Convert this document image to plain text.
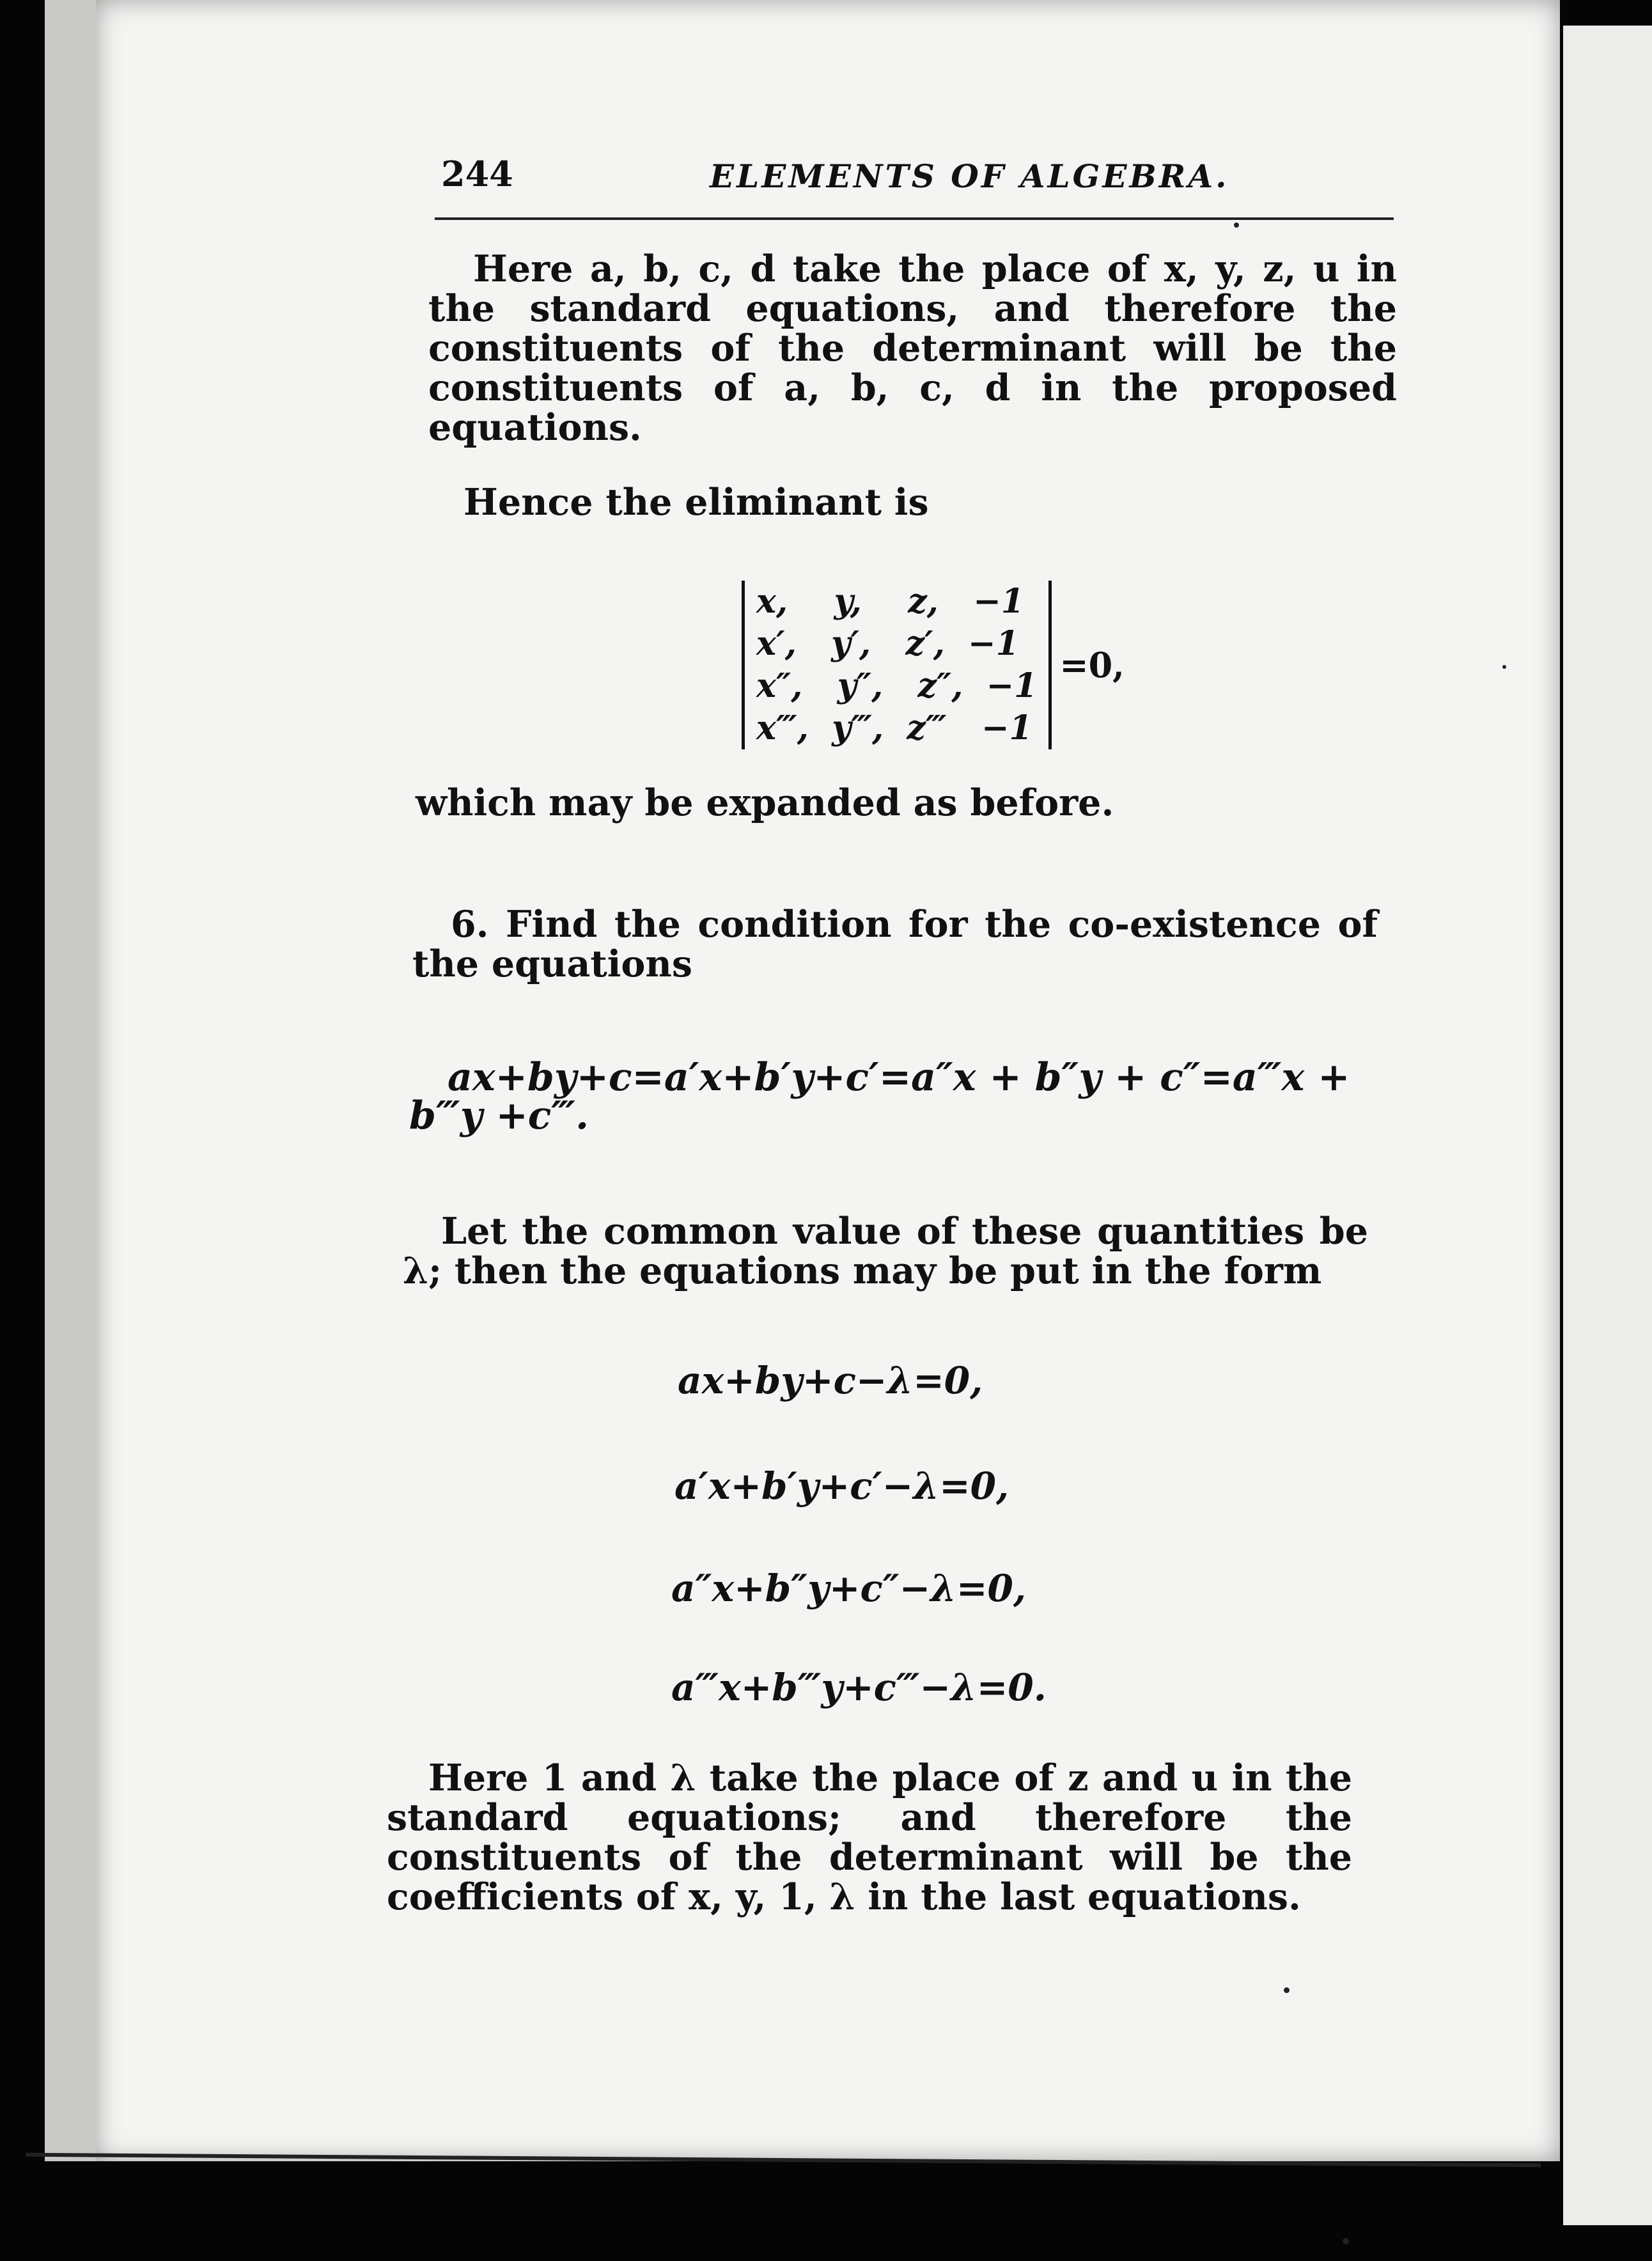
244	ELEMENTS OF ALGEBRA.

Here a, b, c, d take the place of x, y, z, u in the standard equations, and therefore the constituents of the determinant will be the constituents of a, b, c, d in the proposed equations.

Hence the eliminant is

x,    y,    z,   −1
x′,   y′,   z′,  −1
x″,   y″,   z″,  −1
x‴,  y‴,  z‴   −1
=0,

which may be expanded as before.

6. Find the condition for the co-existence of the equations

ax+by+c=a′x+b′y+c′=a″x + b″y + c″=a‴x + b‴y +c‴.

Let the common value of these quantities be λ; then the equations may be put in the form

ax+by+c−λ=0,
a′x+b′y+c′−λ=0,
a″x+b″y+c″−λ=0,
a‴x+b‴y+c‴−λ=0.

Here 1 and λ take the place of z and u in the standard equations; and therefore the constituents of the determinant will be the coefficients of x, y, 1, λ in the last equations.
